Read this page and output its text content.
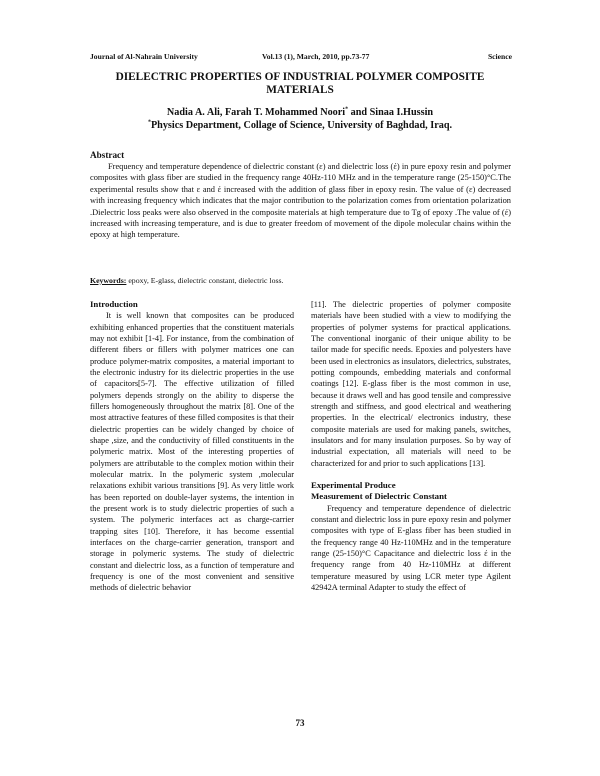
Journal of Al-Nahrain University	Vol.13 (1), March, 2010, pp.73-77	Science
DIELECTRIC PROPERTIES OF INDUSTRIAL POLYMER COMPOSITE MATERIALS
Nadia A. Ali, Farah T. Mohammed Noori* and Sinaa I.Hussin
*Physics Department, Collage of Science, University of Baghdad, Iraq.
Abstract

Frequency and temperature dependence of dielectric constant (ε) and dielectric loss (έ) in pure epoxy resin and polymer composites with glass fiber are studied in the frequency range 40Hz-110 MHz and in the temperature range (25-150)°C.The experimental results show that ε and έ increased with the addition of glass fiber in epoxy resin. The value of (ε) decreased with increasing frequency which indicates that the major contribution to the polarization comes from orientation polarization .Dielectric loss peaks were also observed in the composite materials at high temperature due to Tg of epoxy .The value of (έ) increased with increasing temperature, and is due to greater freedom of movement of the dipole molecular chains within the epoxy at high temperature.

Keywords: epoxy, E-glass, dielectric constant, dielectric loss.

Introduction

It is well known that composites can be produced exhibiting enhanced properties that the constituent materials may not exhibit [1-4]. For instance, from the combination of different fibers or fillers with polymer matrices one can produce polymer-matrix composites, a material important to the electronic industry for its dielectric properties in the use of capacitors[5-7]. The effective utilization of filled polymers depends strongly on the ability to disperse the fillers homogeneously throughout the matrix [8]. One of the most attractive features of these filled composites is that their dielectric properties can be widely changed by choice of shape ,size, and the conductivity of filled constituents in the polymeric matrix. Most of the interesting properties of polymers are attributable to the complex motion within their molecular matrix. In the polymeric system ,molecular relaxations exhibit various transitions [9]. As very little work has been reported on double-layer systems, the intention in the present work is to study dielectric properties of such a system. The polymeric interfaces act as charge-carrier trapping sites [10]. Therefore, it has become essential interfaces on the charge-carrier generation, transport and storage in polymeric systems. The study of dielectric constant and dielectric loss, as a function of temperature and frequency is one of the most convenient and sensitive methods of dielectric behavior

[11]. The dielectric properties of polymer composite materials have been studied with a view to modifying the properties of polymer systems for practical applications. The conventional inorganic of their unique ability to be tailor made for specific needs. Epoxies and polyesters have been used in electronics as insulators, dielectrics, substrates, potting compounds, embedding materials and conformal coatings [12]. E-glass fiber is the most common in use, because it draws well and has good tensile and compressive strength and stiffness, and good electrical and weathering properties. In the electrical/ electronics industry, these composite materials are used for making panels, switches, insulators and for many insulation purposes. So by way of industrial expectation, all materials will need to be characterized for and prior to such applications [13].

Experimental Produce

Measurement of Dielectric Constant

Frequency and temperature dependence of dielectric constant and dielectric loss in pure epoxy resin and polymer composites with type of E-glass fiber has been studied in the frequency range 40 Hz-110MHz and in the temperature range (25-150)°C Capacitance and dielectric loss έ in the frequency range from 40 Hz-110MHz at different temperature measured by using LCR meter type Agilent 42942A terminal Adapter to study the effect of

73
